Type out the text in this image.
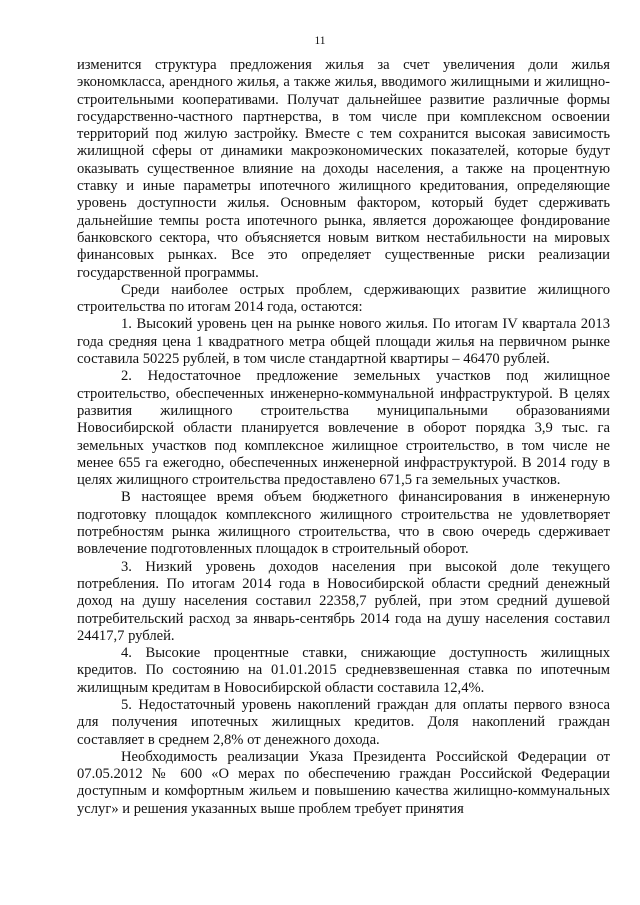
11

изменится структура предложения жилья за счет увеличения доли жилья экономкласса, арендного жилья, а также жилья, вводимого жилищными и жилищно-строительными кооперативами. Получат дальнейшее развитие различные формы государственно-частного партнерства, в том числе при комплексном освоении территорий под жилую застройку. Вместе с тем сохранится высокая зависимость жилищной сферы от динамики макроэкономических показателей, которые будут оказывать существенное влияние на доходы населения, а также на процентную ставку и иные параметры ипотечного жилищного кредитования, определяющие уровень доступности жилья. Основным фактором, который будет сдерживать дальнейшие темпы роста ипотечного рынка, является дорожающее фондирование банковского сектора, что объясняется новым витком нестабильности на мировых финансовых рынках. Все это определяет существенные риски реализации государственной программы.

Среди наиболее острых проблем, сдерживающих развитие жилищного строительства по итогам 2014 года, остаются:

1. Высокий уровень цен на рынке нового жилья. По итогам IV квартала 2013 года средняя цена 1 квадратного метра общей площади жилья на первичном рынке составила 50225 рублей, в том числе стандартной квартиры – 46470 рублей.

2. Недостаточное предложение земельных участков под жилищное строительство, обеспеченных инженерно-коммунальной инфраструктурой. В целях развития жилищного строительства муниципальными образованиями Новосибирской области планируется вовлечение в оборот порядка 3,9 тыс. га земельных участков под комплексное жилищное строительство, в том числе не менее 655 га ежегодно, обеспеченных инженерной инфраструктурой. В 2014 году в целях жилищного строительства предоставлено 671,5 га земельных участков.

В настоящее время объем бюджетного финансирования в инженерную подготовку площадок комплексного жилищного строительства не удовлетворяет потребностям рынка жилищного строительства, что в свою очередь сдерживает вовлечение подготовленных площадок в строительный оборот.

3. Низкий уровень доходов населения при высокой доле текущего потребления. По итогам 2014 года в Новосибирской области средний денежный доход на душу населения составил 22358,7 рублей, при этом средний душевой потребительский расход за январь-сентябрь 2014 года на душу населения составил 24417,7 рублей.

4. Высокие процентные ставки, снижающие доступность жилищных кредитов. По состоянию на 01.01.2015 средневзвешенная ставка по ипотечным жилищным кредитам в Новосибирской области составила 12,4%.

5. Недостаточный уровень накоплений граждан для оплаты первого взноса для получения ипотечных жилищных кредитов. Доля накоплений граждан составляет в среднем 2,8% от денежного дохода.

Необходимость реализации Указа Президента Российской Федерации от 07.05.2012 № 600 «О мерах по обеспечению граждан Российской Федерации доступным и комфортным жильем и повышению качества жилищно-коммунальных услуг» и решения указанных выше проблем требует принятия
